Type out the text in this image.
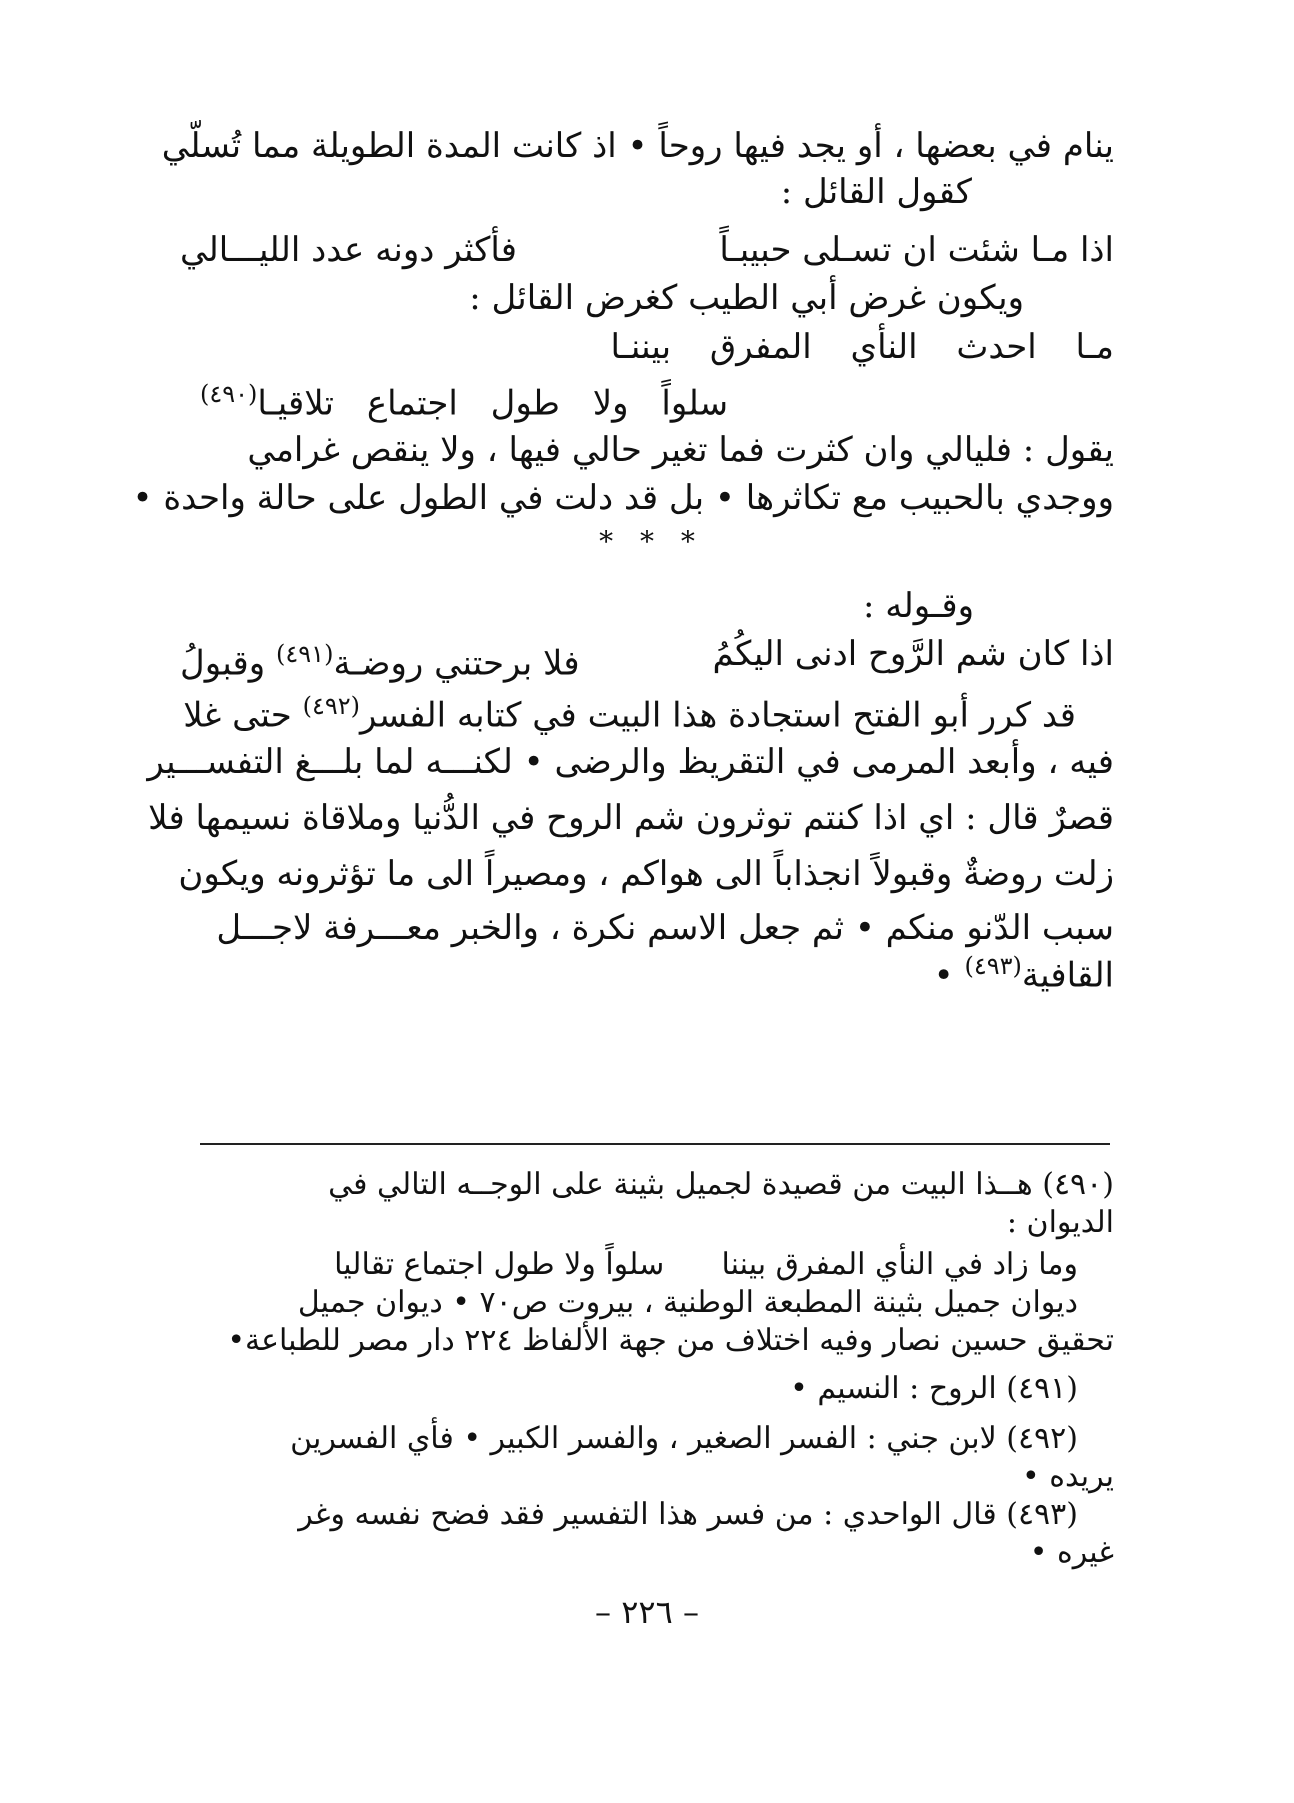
ينام في بعضها ، أو يجد فيها روحاً • اذ كانت المدة الطويلة مما تُسلّي
كقول القائل :
اذا مـا شئت ان تسـلى حبيبـاً
فأكثر دونه عدد الليـــالي
ويكون غرض أبي الطيب كغرض القائل :
مـا احدث النأي المفرق بيننـا
سلواً ولا طول اجتماع تلاقيـا$^{(٤٩٠)}$
يقول : فليالي وان كثرت فما تغير حالي فيها ، ولا ينقص غرامي
ووجدي بالحبيب مع تكاثرها • بل قد دلت في الطول على حالة واحدة •
* * *
وقـوله :
اذا كان شم الرَّوح ادنى اليكُمُ
فلا برحتني روضـة$^{(٤٩١)}$ وقبولُ
قد كرر أبو الفتح استجادة هذا البيت في كتابه الفسر$^{(٤٩٢)}$ حتى غلا
فيه ، وأبعد المرمى في التقريظ والرضى • لكنـــه لما بلـــغ التفســـير
قصرٌ قال : اي اذا كنتم توثرون شم الروح في الدُّنيا وملاقاة نسيمها فلا
زلت روضةٌ وقبولاً انجذاباً الى هواكم ، ومصيراً الى ما تؤثرونه ويكون
سبب الدّنو منكم • ثم جعل الاسم نكرة ، والخبر معـــرفة لاجـــل
القافية$^{(٤٩٣)}$ •
(٤٩٠) هــذا البيت من قصيدة لجميل بثينة على الوجــه التالي في
الديوان :
وما زاد في النأي المفرق بيننا      سلواً ولا طول اجتماع تقاليا
ديوان جميل بثينة المطبعة الوطنية ، بيروت ص٧٠ • ديوان جميل
تحقيق حسين نصار وفيه اختلاف من جهة الألفاظ ٢٢٤ دار مصر للطباعة•
(٤٩١) الروح : النسيم •
(٤٩٢) لابن جني : الفسر الصغير ، والفسر الكبير • فأي الفسرين
يريده •
(٤٩٣) قال الواحدي : من فسر هذا التفسير فقد فضح نفسه وغر
غيره •
– ٢٢٦ –
